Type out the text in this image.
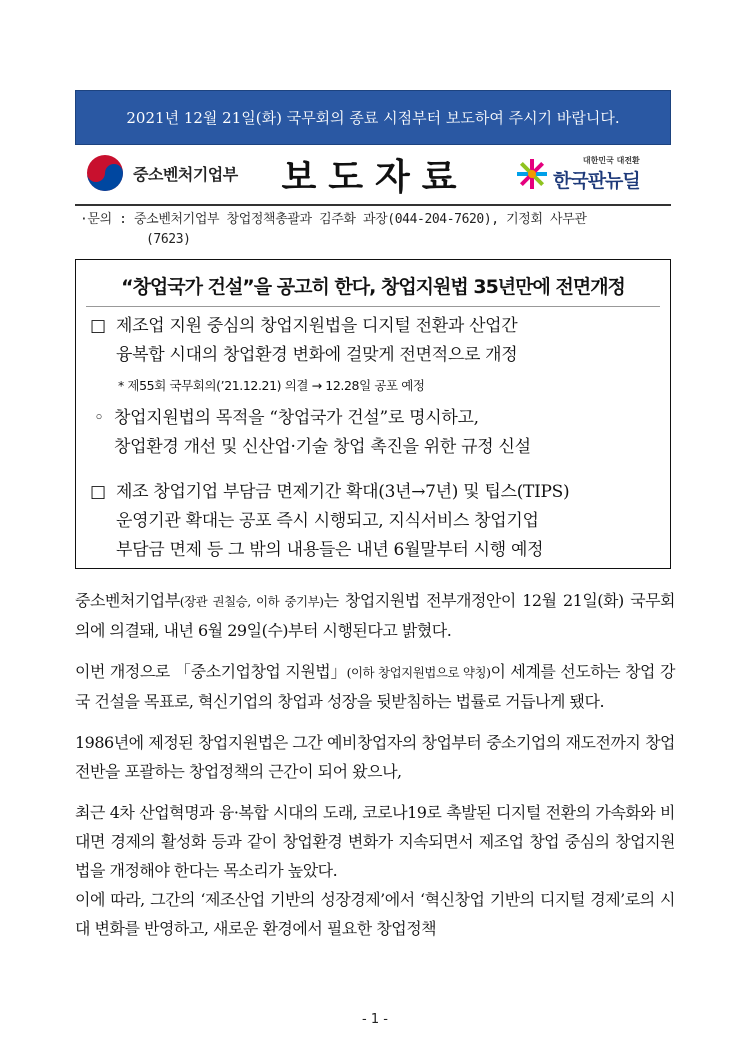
2021년 12월 21일(화) 국무회의 종료 시점부터 보도하여 주시기 바랍니다.
중소벤처기업부 보도자료	대한민국 대전환
한국판뉴딜
·문의 : 중소벤처기업부 창업정책총괄과 김주화 과장(044-204-7620), 기정회 사무관
(7623)
“창업국가 건설”을 공고히 한다, 창업지원법 35년만에 전면개정
□ 제조업 지원 중심의 창업지원법을 디지털 전환과 산업간
융복합 시대의 창업환경 변화에 걸맞게 전면적으로 개정
* 제55회 국무회의(’21.12.21) 의결 → 12.28일 공포 예정
◦ 창업지원법의 목적을 “창업국가 건설”로 명시하고,
창업환경 개선 및 신산업·기술 창업 촉진을 위한 규정 신설
□ 제조 창업기업 부담금 면제기간 확대(3년→7년) 및 팁스(TIPS)
운영기관 확대는 공포 즉시 시행되고, 지식서비스 창업기업
부담금 면제 등 그 밖의 내용들은 내년 6월말부터 시행 예정

중소벤처기업부(장관 권칠승, 이하 중기부)는 창업지원법 전부개정안이 12월 21일(화) 국무회의에 의결돼, 내년 6월 29일(수)부터 시행된다고 밝혔다.

이번 개정으로 「중소기업창업 지원법」(이하 창업지원법으로 약칭)이 세계를 선도하는 창업 강국 건설을 목표로, 혁신기업의 창업과 성장을 뒷받침하는 법률로 거듭나게 됐다.

1986년에 제정된 창업지원법은 그간 예비창업자의 창업부터 중소기업의 재도전까지 창업 전반을 포괄하는 창업정책의 근간이 되어 왔으나,

최근 4차 산업혁명과 융·복합 시대의 도래, 코로나19로 촉발된 디지털 전환의 가속화와 비대면 경제의 활성화 등과 같이 창업환경 변화가 지속되면서 제조업 창업 중심의 창업지원법을 개정해야 한다는 목소리가 높았다.

이에 따라, 그간의 ‘제조산업 기반의 성장경제’에서 ‘혁신창업 기반의 디지털 경제’로의 시대 변화를 반영하고, 새로운 환경에서 필요한 창업정책

- 1 -
